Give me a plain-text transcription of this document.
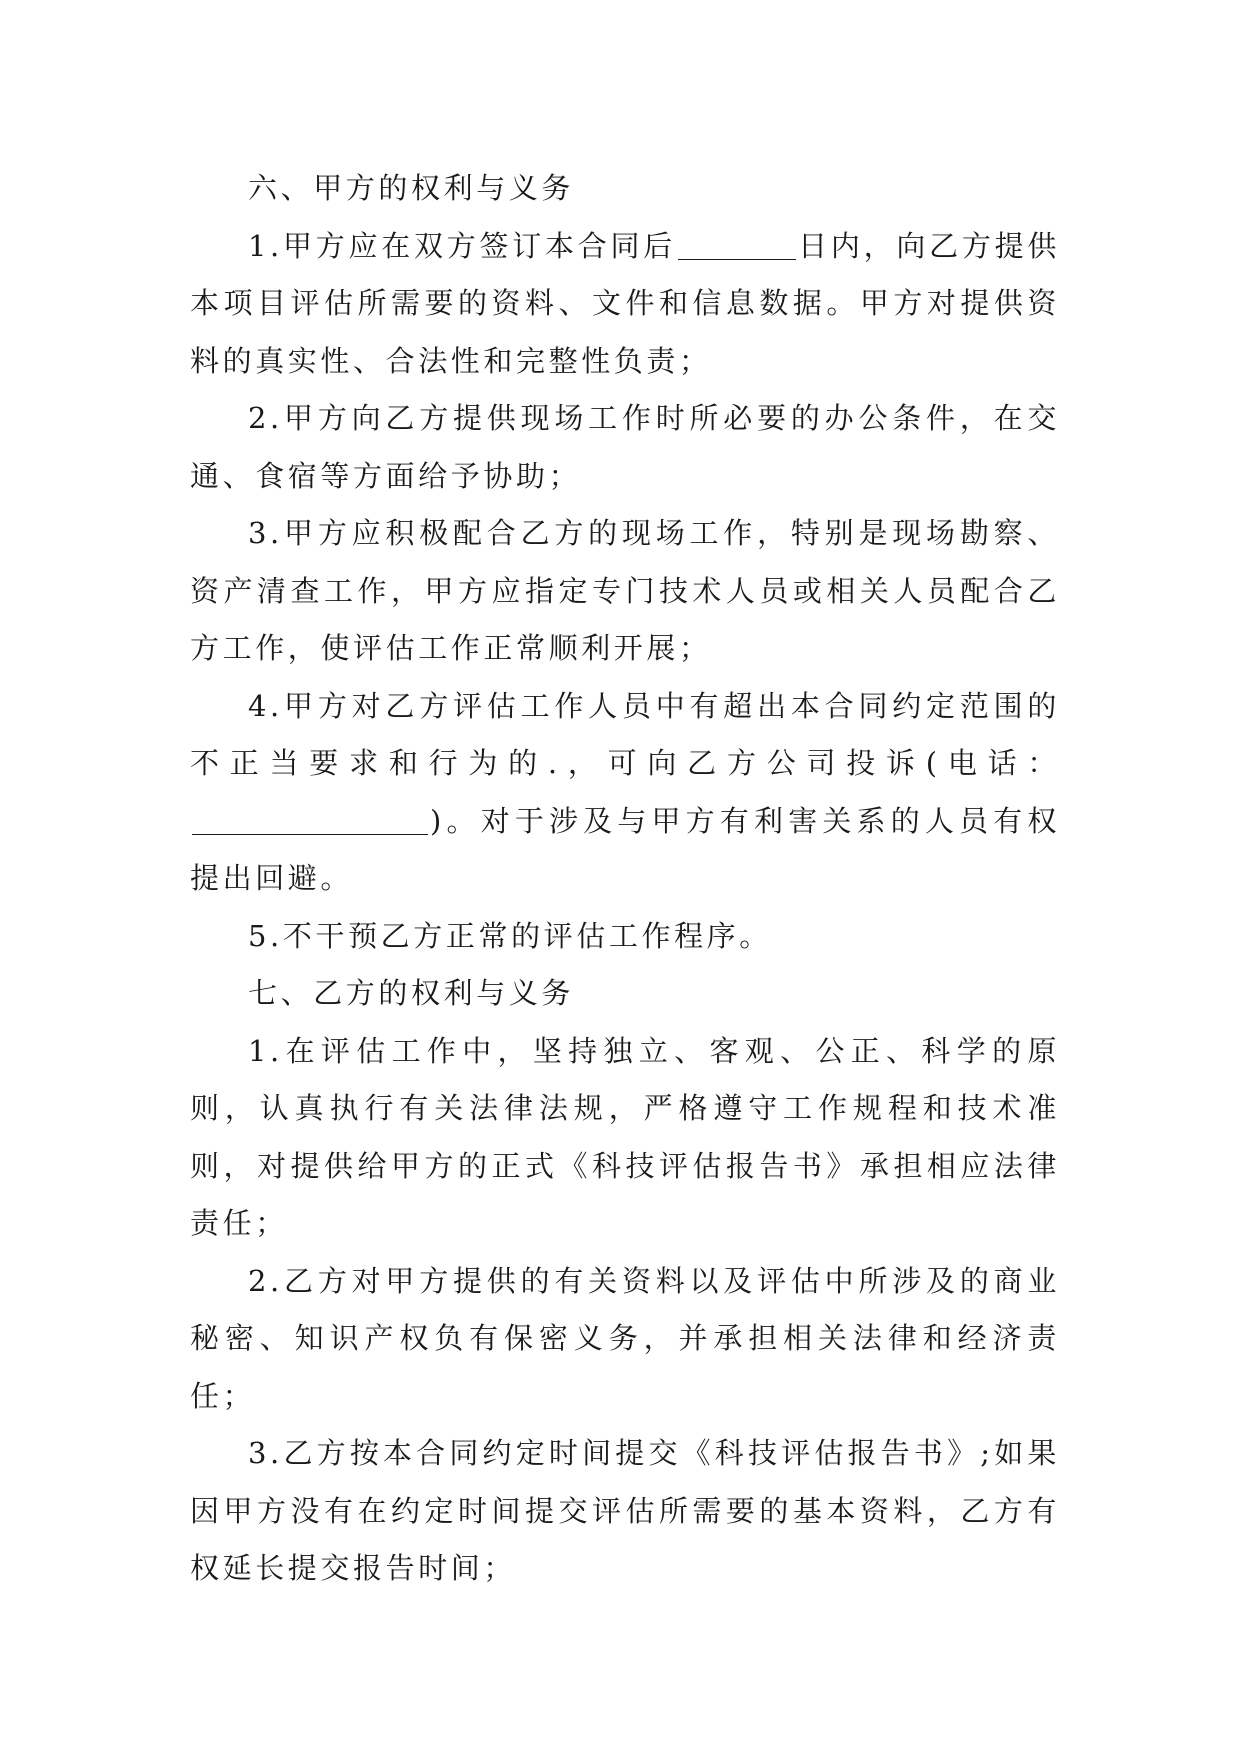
六、甲方的权利与义务

1.甲方应在双方签订本合同后	日内，向乙方提供本项目评估所需要的资料、文件和信息数据。甲方对提供资料的真实性、合法性和完整性负责；

2.甲方向乙方提供现场工作时所必要的办公条件，在交通、食宿等方面给予协助；

3.甲方应积极配合乙方的现场工作，特别是现场勘察、资产清查工作，甲方应指定专门技术人员或相关人员配合乙方工作，使评估工作正常顺利开展；

4.甲方对乙方评估工作人员中有超出本合同约定范围的不正当要求和行为的.，可向乙方公司投诉(电话：)。对于涉及与甲方有利害关系的人员有权提出回避。

5.不干预乙方正常的评估工作程序。

七、乙方的权利与义务

1.在评估工作中，坚持独立、客观、公正、科学的原则，认真执行有关法律法规，严格遵守工作规程和技术准则，对提供给甲方的正式《科技评估报告书》承担相应法律责任；

2.乙方对甲方提供的有关资料以及评估中所涉及的商业秘密、知识产权负有保密义务，并承担相关法律和经济责任；

3.乙方按本合同约定时间提交《科技评估报告书》;如果因甲方没有在约定时间提交评估所需要的基本资料，乙方有权延长提交报告时间；
